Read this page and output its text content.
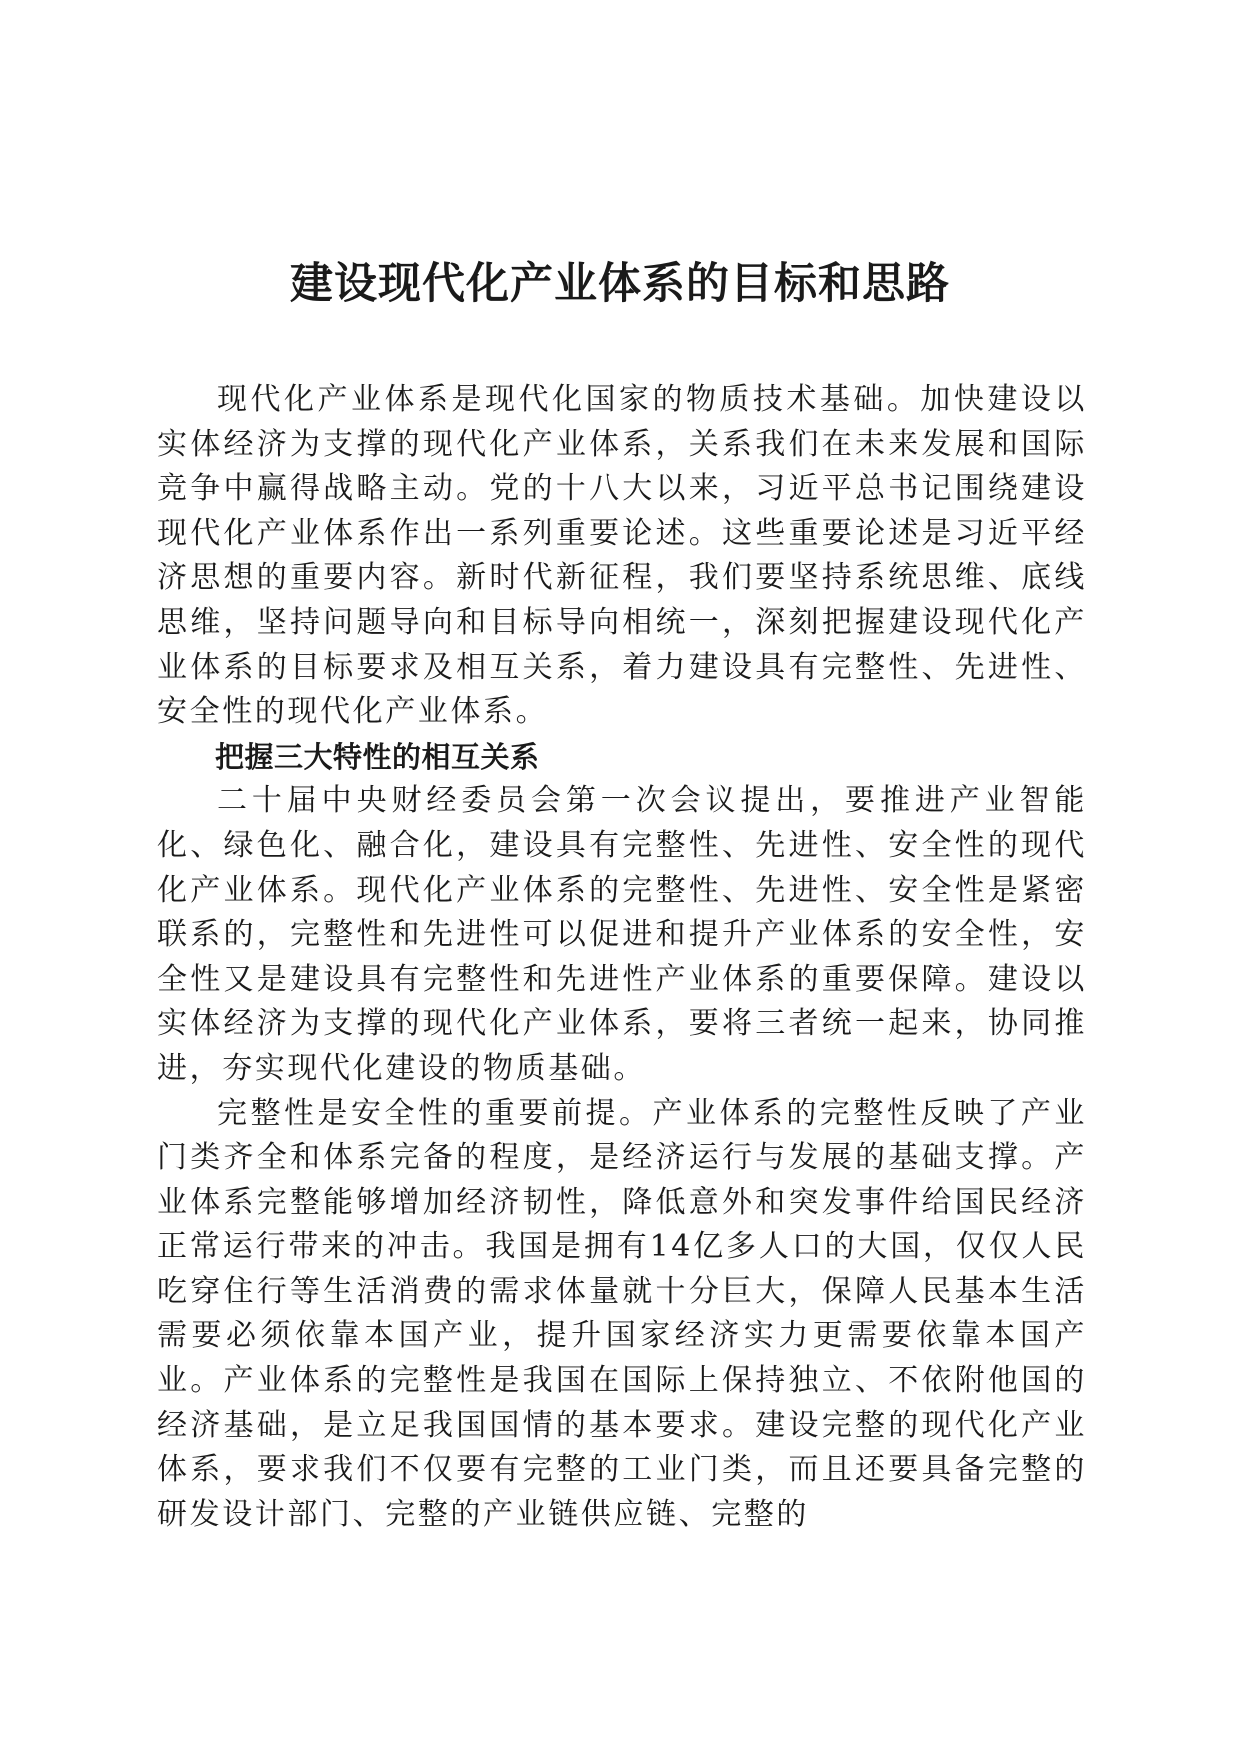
建设现代化产业体系的目标和思路

现代化产业体系是现代化国家的物质技术基础。加快建设以实体经济为支撑的现代化产业体系，关系我们在未来发展和国际竞争中赢得战略主动。党的十八大以来，习近平总书记围绕建设现代化产业体系作出一系列重要论述。这些重要论述是习近平经济思想的重要内容。新时代新征程，我们要坚持系统思维、底线思维，坚持问题导向和目标导向相统一，深刻把握建设现代化产业体系的目标要求及相互关系，着力建设具有完整性、先进性、安全性的现代化产业体系。

把握三大特性的相互关系

二十届中央财经委员会第一次会议提出，要推进产业智能化、绿色化、融合化，建设具有完整性、先进性、安全性的现代化产业体系。现代化产业体系的完整性、先进性、安全性是紧密联系的，完整性和先进性可以促进和提升产业体系的安全性，安全性又是建设具有完整性和先进性产业体系的重要保障。建设以实体经济为支撑的现代化产业体系，要将三者统一起来，协同推进，夯实现代化建设的物质基础。

完整性是安全性的重要前提。产业体系的完整性反映了产业门类齐全和体系完备的程度，是经济运行与发展的基础支撑。产业体系完整能够增加经济韧性，降低意外和突发事件给国民经济正常运行带来的冲击。我国是拥有14亿多人口的大国，仅仅人民吃穿住行等生活消费的需求体量就十分巨大，保障人民基本生活需要必须依靠本国产业，提升国家经济实力更需要依靠本国产业。产业体系的完整性是我国在国际上保持独立、不依附他国的经济基础，是立足我国国情的基本要求。建设完整的现代化产业体系，要求我们不仅要有完整的工业门类，而且还要具备完整的研发设计部门、完整的产业链供应链、完整的
